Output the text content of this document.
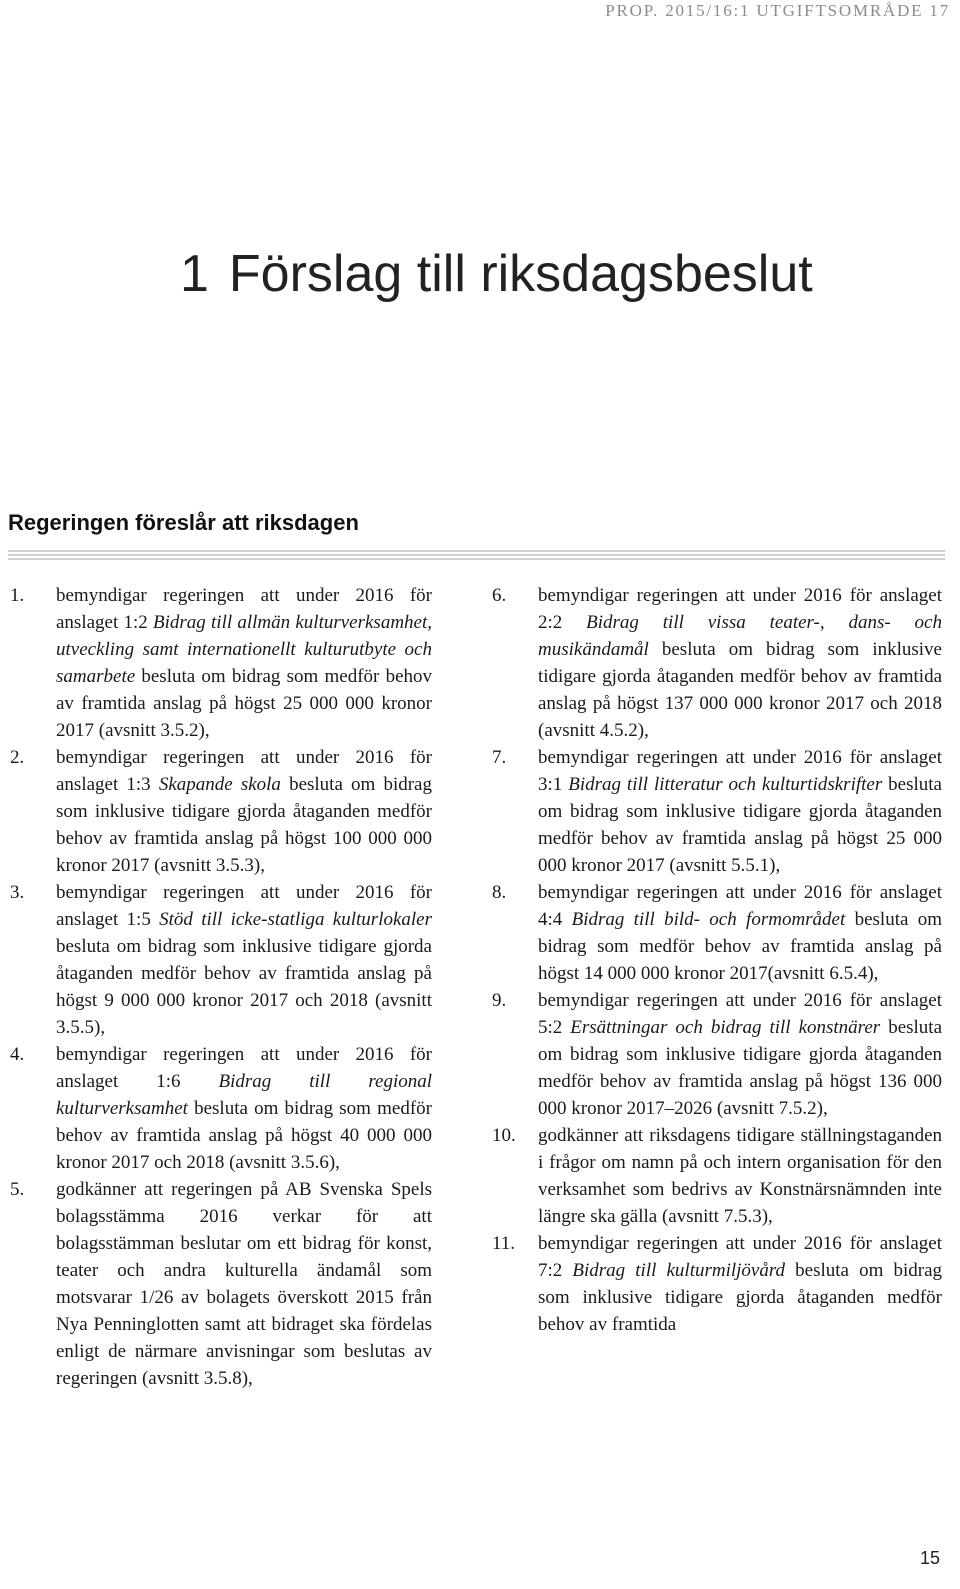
PROP. 2015/16:1 UTGIFTSOMRÅDE 17
1 Förslag till riksdagsbeslut
Regeringen föreslår att riksdagen
1.	bemyndigar regeringen att under 2016 för anslaget 1:2 Bidrag till allmän kulturverksamhet, utveckling samt internationellt kulturutbyte och samarbete besluta om bidrag som medför behov av framtida anslag på högst 25 000 000 kronor 2017 (avsnitt 3.5.2),
2.	bemyndigar regeringen att under 2016 för anslaget 1:3 Skapande skola besluta om bidrag som inklusive tidigare gjorda åtaganden medför behov av framtida anslag på högst 100 000 000 kronor 2017 (avsnitt 3.5.3),
3.	bemyndigar regeringen att under 2016 för anslaget 1:5 Stöd till icke-statliga kulturlokaler besluta om bidrag som inklusive tidigare gjorda åtaganden medför behov av framtida anslag på högst 9 000 000 kronor 2017 och 2018 (avsnitt 3.5.5),
4.	bemyndigar regeringen att under 2016 för anslaget 1:6 Bidrag till regional kulturverksamhet besluta om bidrag som medför behov av framtida anslag på högst 40 000 000 kronor 2017 och 2018 (avsnitt 3.5.6),
5.	godkänner att regeringen på AB Svenska Spels bolagsstämma 2016 verkar för att bolagsstämman beslutar om ett bidrag för konst, teater och andra kulturella ändamål som motsvarar 1/26 av bolagets överskott 2015 från Nya Penninglotten samt att bidraget ska fördelas enligt de närmare anvisningar som beslutas av regeringen (avsnitt 3.5.8),
6.	bemyndigar regeringen att under 2016 för anslaget 2:2 Bidrag till vissa teater-, dans- och musikändamål besluta om bidrag som inklusive tidigare gjorda åtaganden medför behov av framtida anslag på högst 137 000 000 kronor 2017 och 2018 (avsnitt 4.5.2),
7.	bemyndigar regeringen att under 2016 för anslaget 3:1 Bidrag till litteratur och kulturtidskrifter besluta om bidrag som inklusive tidigare gjorda åtaganden medför behov av framtida anslag på högst 25 000 000 kronor 2017 (avsnitt 5.5.1),
8.	bemyndigar regeringen att under 2016 för anslaget 4:4 Bidrag till bild- och formområdet besluta om bidrag som medför behov av framtida anslag på högst 14 000 000 kronor 2017(avsnitt 6.5.4),
9.	bemyndigar regeringen att under 2016 för anslaget 5:2 Ersättningar och bidrag till konstnärer besluta om bidrag som inklusive tidigare gjorda åtaganden medför behov av framtida anslag på högst 136 000 000 kronor 2017–2026 (avsnitt 7.5.2),
10.	godkänner att riksdagens tidigare ställningstaganden i frågor om namn på och intern organisation för den verksamhet som bedrivs av Konstnärsnämnden inte längre ska gälla (avsnitt 7.5.3),
11.	bemyndigar regeringen att under 2016 för anslaget 7:2 Bidrag till kulturmiljövård besluta om bidrag som inklusive tidigare gjorda åtaganden medför behov av framtida
15
